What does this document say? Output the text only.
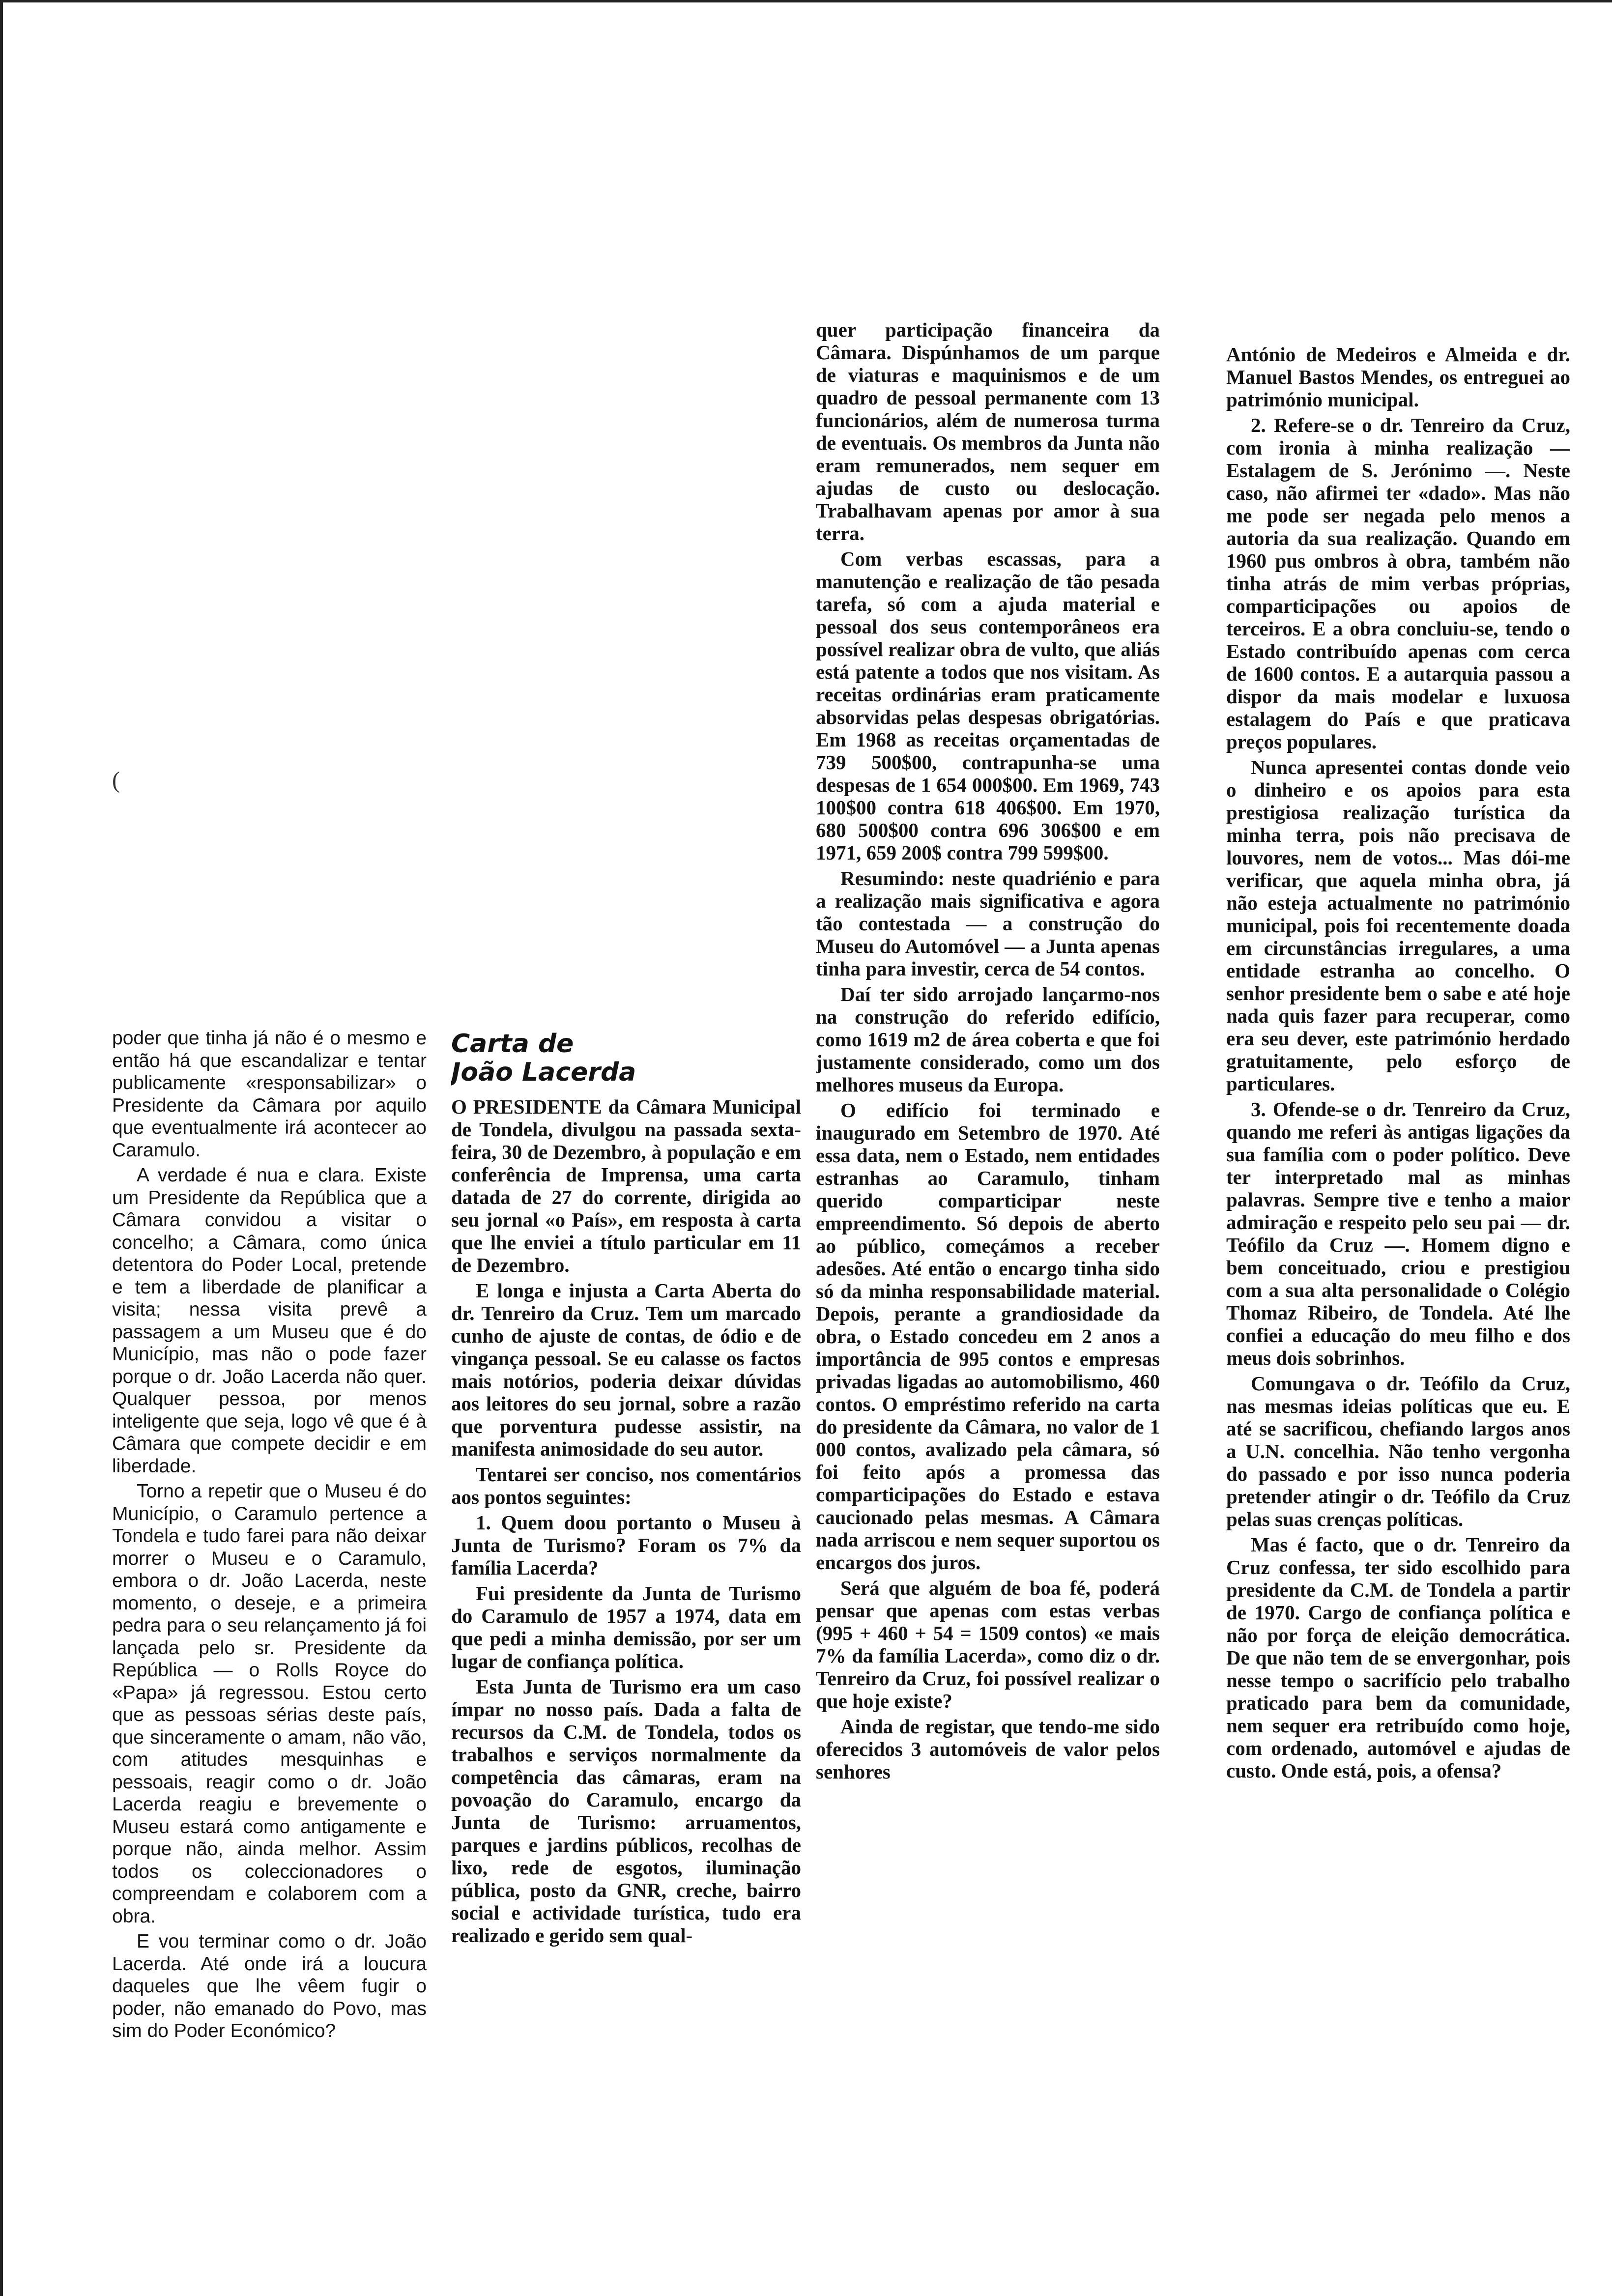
(

poder que tinha já não é o mesmo e então há que escandalizar e tentar publicamente «responsabilizar» o Presidente da Câmara por aquilo que eventualmente irá acontecer ao Caramulo.

A verdade é nua e clara. Existe um Presidente da República que a Câmara convidou a visitar o concelho; a Câmara, como única detentora do Poder Local, pretende e tem a liberdade de planificar a visita; nessa visita prevê a passagem a um Museu que é do Município, mas não o pode fazer porque o dr. João Lacerda não quer. Qualquer pessoa, por menos inteligente que seja, logo vê que é à Câmara que compete decidir e em liberdade.

Torno a repetir que o Museu é do Município, o Caramulo pertence a Tondela e tudo farei para não deixar morrer o Museu e o Caramulo, embora o dr. João Lacerda, neste momento, o deseje, e a primeira pedra para o seu relançamento já foi lançada pelo sr. Presidente da República — o Rolls Royce do «Papa» já regressou. Estou certo que as pessoas sérias deste país, que sinceramente o amam, não vão, com atitudes mesquinhas e pessoais, reagir como o dr. João Lacerda reagiu e brevemente o Museu estará como antigamente e porque não, ainda melhor. Assim todos os coleccionadores o compreendam e colaborem com a obra.

E vou terminar como o dr. João Lacerda. Até onde irá a loucura daqueles que lhe vêem fugir o poder, não emanado do Povo, mas sim do Poder Económico?

Carta de
João Lacerda

O PRESIDENTE da Câmara Municipal de Tondela, divulgou na passada sexta-feira, 30 de Dezembro, à população e em conferência de Imprensa, uma carta datada de 27 do corrente, dirigida ao seu jornal «o País», em resposta à carta que lhe enviei a título particular em 11 de Dezembro.

E longa e injusta a Carta Aberta do dr. Tenreiro da Cruz. Tem um marcado cunho de ajuste de contas, de ódio e de vingança pessoal. Se eu calasse os factos mais notórios, poderia deixar dúvidas aos leitores do seu jornal, sobre a razão que porventura pudesse assistir, na manifesta animosidade do seu autor.

Tentarei ser conciso, nos comentários aos pontos seguintes:

1. Quem doou portanto o Museu à Junta de Turismo? Foram os 7% da família Lacerda?

Fui presidente da Junta de Turismo do Caramulo de 1957 a 1974, data em que pedi a minha demissão, por ser um lugar de confiança política.

Esta Junta de Turismo era um caso ímpar no nosso país. Dada a falta de recursos da C.M. de Tondela, todos os trabalhos e serviços normalmente da competência das câmaras, eram na povoação do Caramulo, encargo da Junta de Turismo: arruamentos, parques e jardins públicos, recolhas de lixo, rede de esgotos, iluminação pública, posto da GNR, creche, bairro social e actividade turística, tudo era realizado e gerido sem qual-

quer participação financeira da Câmara. Dispúnhamos de um parque de viaturas e maquinismos e de um quadro de pessoal permanente com 13 funcionários, além de numerosa turma de eventuais. Os membros da Junta não eram remunerados, nem sequer em ajudas de custo ou deslocação. Trabalhavam apenas por amor à sua terra.

Com verbas escassas, para a manutenção e realização de tão pesada tarefa, só com a ajuda material e pessoal dos seus contemporâneos era possível realizar obra de vulto, que aliás está patente a todos que nos visitam. As receitas ordinárias eram praticamente absorvidas pelas despesas obrigatórias. Em 1968 as receitas orçamentadas de 739 500$00, contrapunha-se uma despesas de 1 654 000$00. Em 1969, 743 100$00 contra 618 406$00. Em 1970, 680 500$00 contra 696 306$00 e em 1971, 659 200$ contra 799 599$00.

Resumindo: neste quadriénio e para a realização mais significativa e agora tão contestada — a construção do Museu do Automóvel — a Junta apenas tinha para investir, cerca de 54 contos.

Daí ter sido arrojado lançarmo-nos na construção do referido edifício, como 1619 m2 de área coberta e que foi justamente considerado, como um dos melhores museus da Europa.

O edifício foi terminado e inaugurado em Setembro de 1970. Até essa data, nem o Estado, nem entidades estranhas ao Caramulo, tinham querido comparticipar neste empreendimento. Só depois de aberto ao público, começámos a receber adesões. Até então o encargo tinha sido só da minha responsabilidade material. Depois, perante a grandiosidade da obra, o Estado concedeu em 2 anos a importância de 995 contos e empresas privadas ligadas ao automobilismo, 460 contos. O empréstimo referido na carta do presidente da Câmara, no valor de 1 000 contos, avalizado pela câmara, só foi feito após a promessa das comparticipações do Estado e estava caucionado pelas mesmas. A Câmara nada arriscou e nem sequer suportou os encargos dos juros.

Será que alguém de boa fé, poderá pensar que apenas com estas verbas (995 + 460 + 54 = 1509 contos) «e mais 7% da família Lacerda», como diz o dr. Tenreiro da Cruz, foi possível realizar o que hoje existe?

Ainda de registar, que tendo-me sido oferecidos 3 automóveis de valor pelos senhores

António de Medeiros e Almeida e dr. Manuel Bastos Mendes, os entreguei ao património municipal.

2. Refere-se o dr. Tenreiro da Cruz, com ironia à minha realização — Estalagem de S. Jerónimo —. Neste caso, não afirmei ter «dado». Mas não me pode ser negada pelo menos a autoria da sua realização. Quando em 1960 pus ombros à obra, também não tinha atrás de mim verbas próprias, comparticipações ou apoios de terceiros. E a obra concluiu-se, tendo o Estado contribuído apenas com cerca de 1600 contos. E a autarquia passou a dispor da mais modelar e luxuosa estalagem do País e que praticava preços populares.

Nunca apresentei contas donde veio o dinheiro e os apoios para esta prestigiosa realização turística da minha terra, pois não precisava de louvores, nem de votos... Mas dói-me verificar, que aquela minha obra, já não esteja actualmente no património municipal, pois foi recentemente doada em circunstâncias irregulares, a uma entidade estranha ao concelho. O senhor presidente bem o sabe e até hoje nada quis fazer para recuperar, como era seu dever, este património herdado gratuitamente, pelo esforço de particulares.

3. Ofende-se o dr. Tenreiro da Cruz, quando me referi às antigas ligações da sua família com o poder político. Deve ter interpretado mal as minhas palavras. Sempre tive e tenho a maior admiração e respeito pelo seu pai — dr. Teófilo da Cruz —. Homem digno e bem conceituado, criou e prestigiou com a sua alta personalidade o Colégio Thomaz Ribeiro, de Tondela. Até lhe confiei a educação do meu filho e dos meus dois sobrinhos.

Comungava o dr. Teófilo da Cruz, nas mesmas ideias políticas que eu. E até se sacrificou, chefiando largos anos a U.N. concelhia. Não tenho vergonha do passado e por isso nunca poderia pretender atingir o dr. Teófilo da Cruz pelas suas crenças políticas.

Mas é facto, que o dr. Tenreiro da Cruz confessa, ter sido escolhido para presidente da C.M. de Tondela a partir de 1970. Cargo de confiança política e não por força de eleição democrática. De que não tem de se envergonhar, pois nesse tempo o sacrifício pelo trabalho praticado para bem da comunidade, nem sequer era retribuído como hoje, com ordenado, automóvel e ajudas de custo. Onde está, pois, a ofensa?
